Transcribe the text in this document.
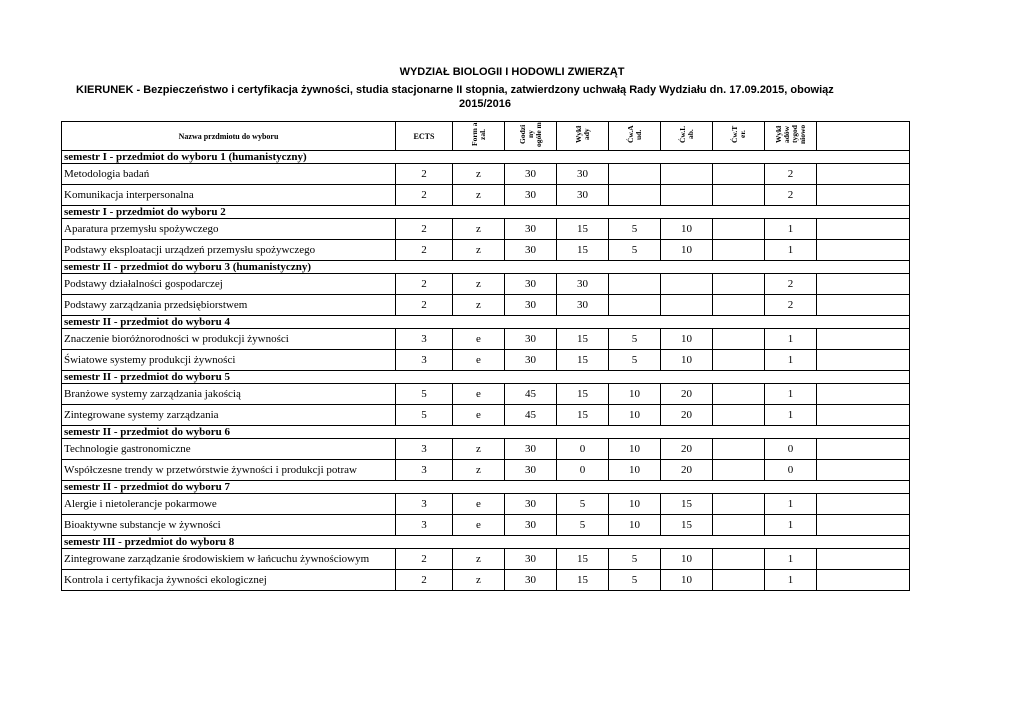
WYDZIAŁ BIOLOGII I HODOWLI ZWIERZĄT
KIERUNEK - Bezpieczeństwo i certyfikacja żywności, studia stacjonarne II stopnia, zatwierdzony uchwałą Rady Wydziału dn. 17.09.2015, obowiąz
2015/2016
Nazwa przdmiotu do wyboru	ECTS	Form a zal.	Godzi ny ogółe m	Wykł ady	Ćw.A ud.	Ćw.L ab.	Ćw.T er.	Wykł adów tygod niowo	
semestr I - przedmiot do wyboru 1 (humanistyczny)									
Metodologia badań	2	z	30	30				2	
Komunikacja interpersonalna	2	z	30	30				2	
semestr I - przedmiot do wyboru 2									
Aparatura przemysłu spożywczego	2	z	30	15	5	10		1	
Podstawy eksploatacji urządzeń przemysłu spożywczego	2	z	30	15	5	10		1	
semestr II - przedmiot do wyboru 3 (humanistyczny)									
Podstawy działalności gospodarczej	2	z	30	30				2	
Podstawy zarządzania przedsiębiorstwem	2	z	30	30				2	
semestr II - przedmiot do wyboru 4									
Znaczenie bioróżnorodności w produkcji żywności	3	e	30	15	5	10		1	
Światowe systemy produkcji żywności	3	e	30	15	5	10		1	
semestr II - przedmiot do wyboru 5									
Branżowe systemy zarządzania jakością	5	e	45	15	10	20		1	
Zintegrowane systemy zarządzania	5	e	45	15	10	20		1	
semestr II - przedmiot do wyboru 6									
Technologie gastronomiczne	3	z	30	0	10	20		0	
Współczesne trendy w przetwórstwie żywności i produkcji potraw	3	z	30	0	10	20		0	
semestr II - przedmiot do wyboru 7									
Alergie i nietolerancje pokarmowe	3	e	30	5	10	15		1	
Bioaktywne substancje w żywności	3	e	30	5	10	15		1	
semestr III - przedmiot do wyboru 8									
Zintegrowane zarządzanie środowiskiem w łańcuchu żywnościowym	2	z	30	15	5	10		1	
Kontrola i certyfikacja żywności ekologicznej	2	z	30	15	5	10		1	
